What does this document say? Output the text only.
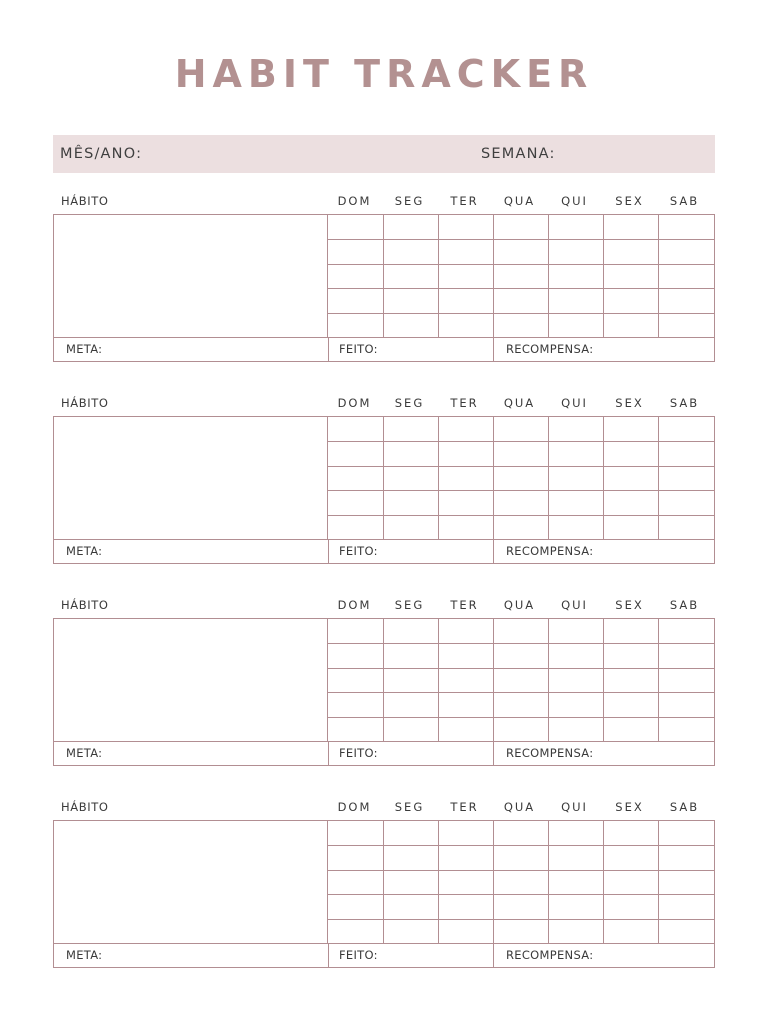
HABIT TRACKER
MÊS/ANO:	SEMANA:
HÁBITO	DOM	SEG	TER	QUA	QUI	SEX	SAB
META:	FEITO:	RECOMPENSA:
HÁBITO	DOM	SEG	TER	QUA	QUI	SEX	SAB
META:	FEITO:	RECOMPENSA:
HÁBITO	DOM	SEG	TER	QUA	QUI	SEX	SAB
META:	FEITO:	RECOMPENSA:
HÁBITO	DOM	SEG	TER	QUA	QUI	SEX	SAB
META:	FEITO:	RECOMPENSA:
